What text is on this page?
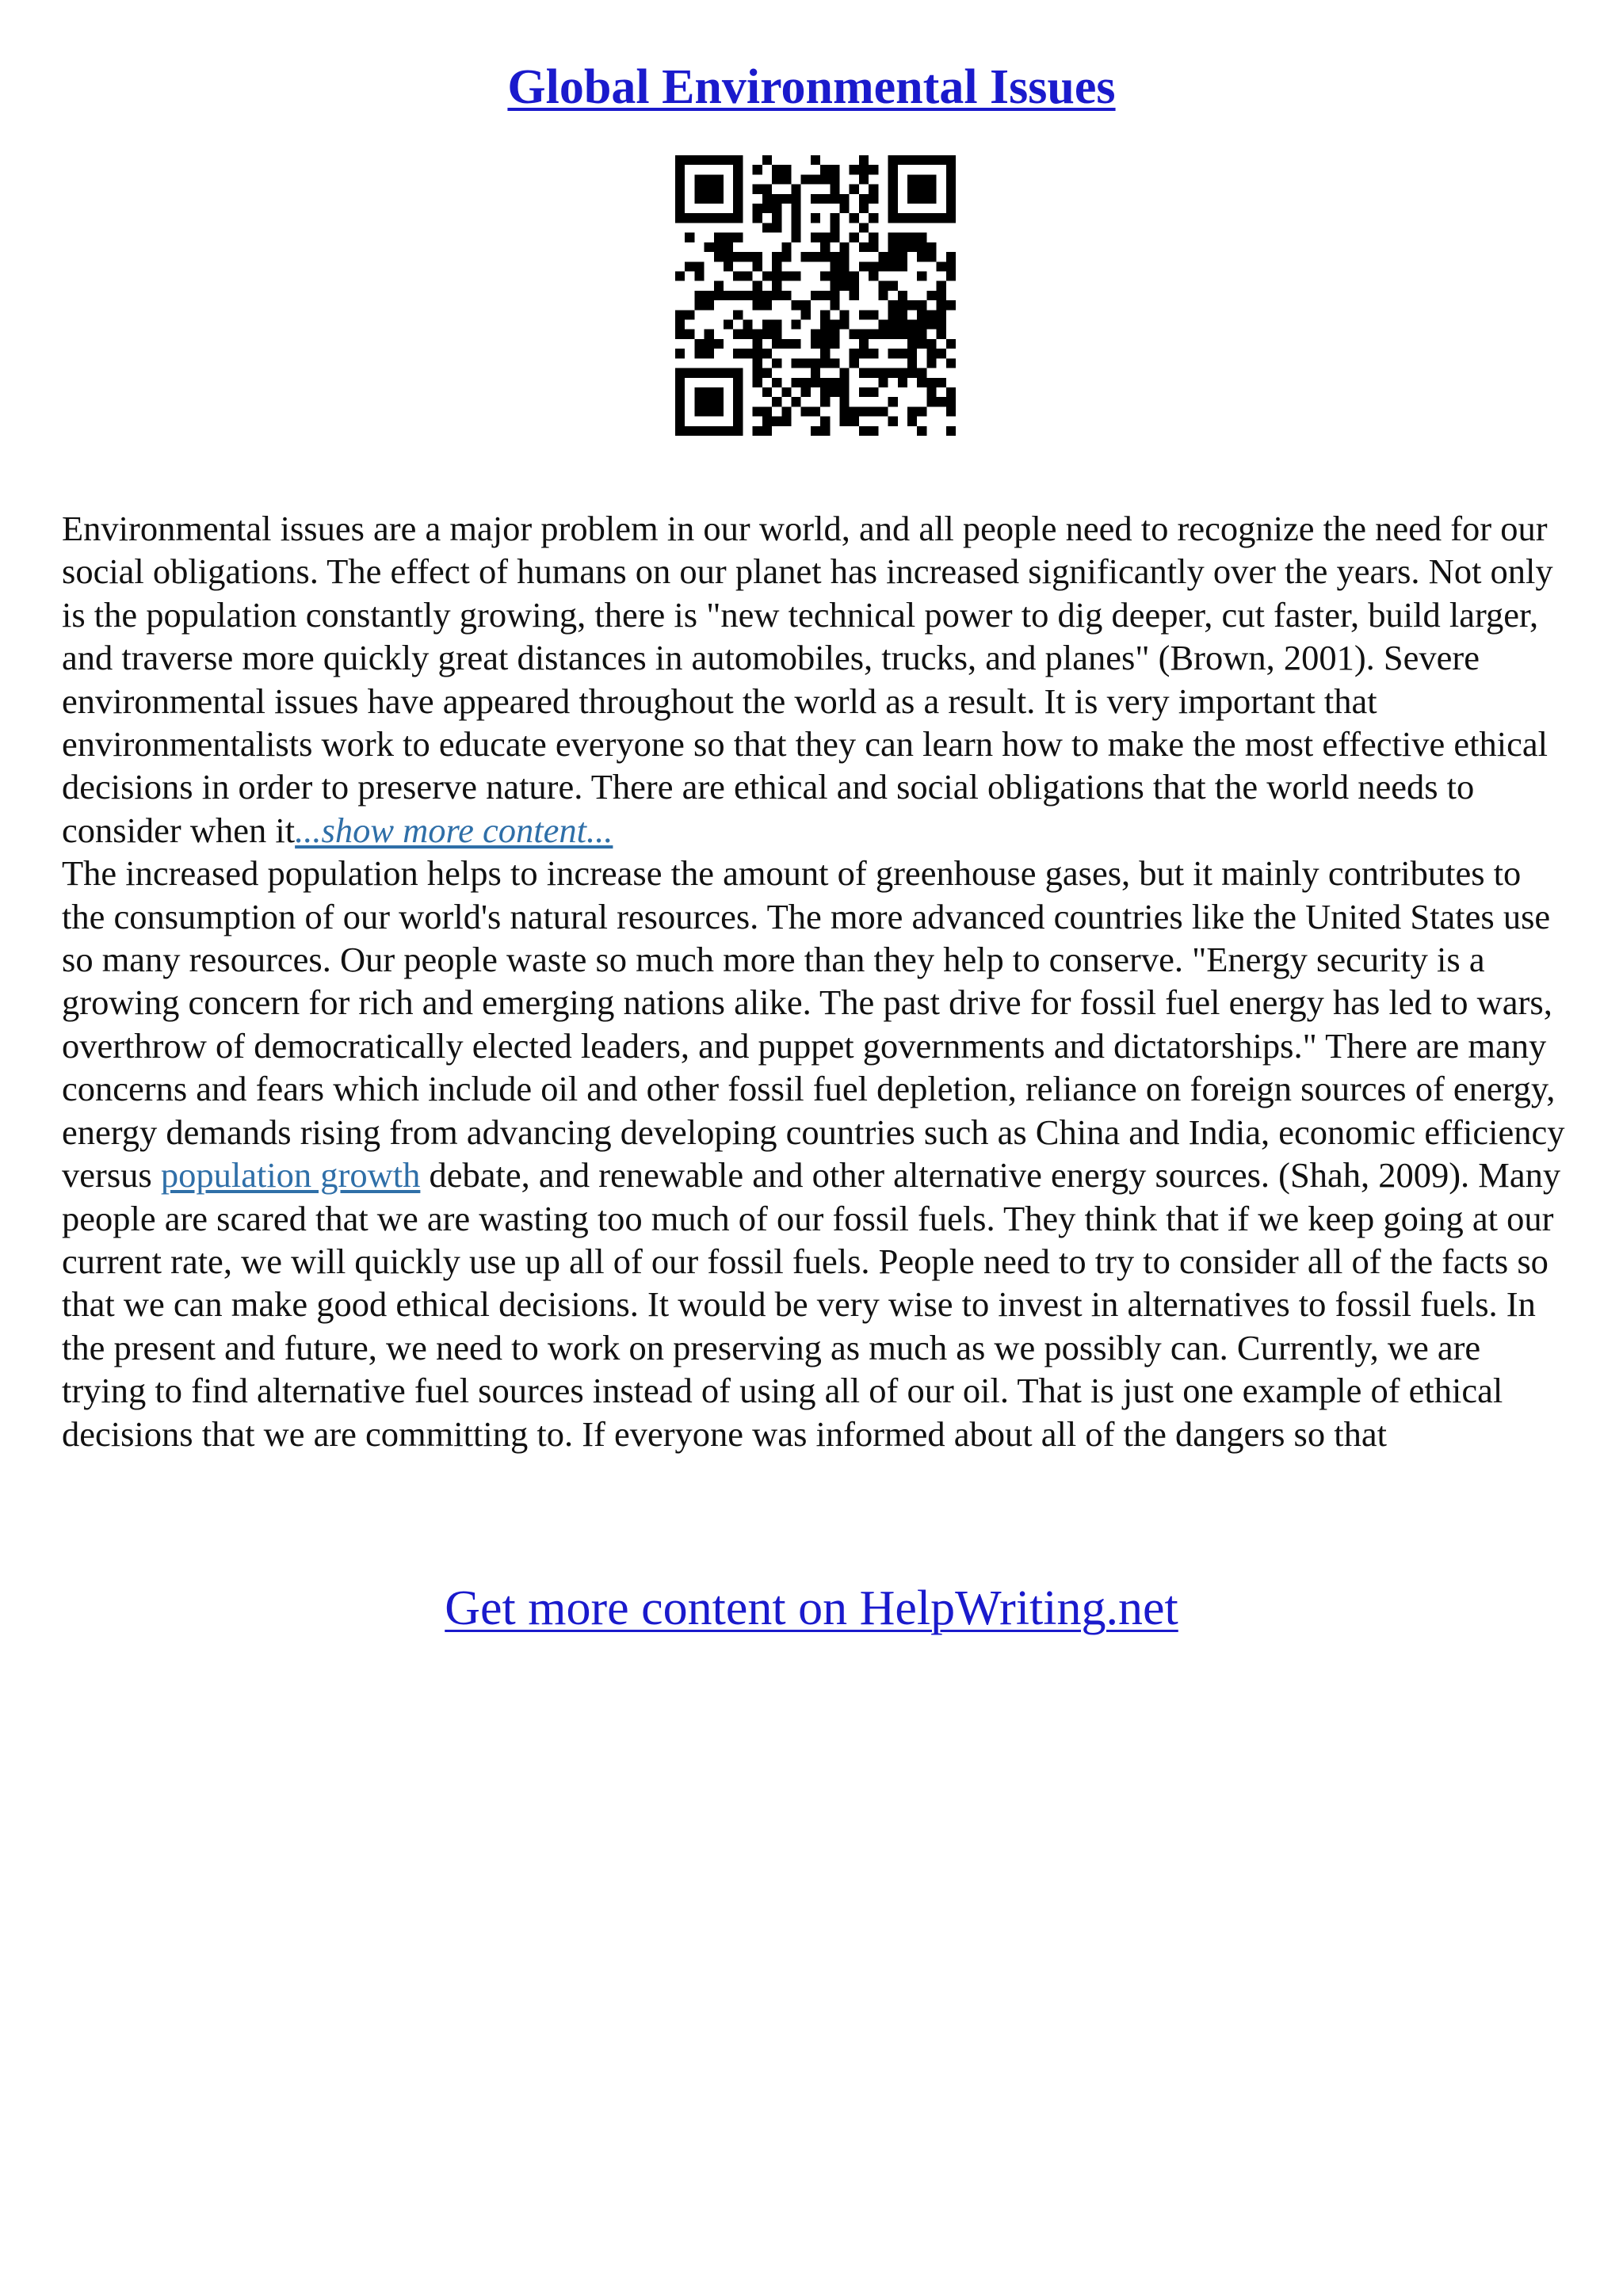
Global Environmental Issues

Environmental issues are a major problem in our world, and all people need to recognize the need for our social obligations. The effect of humans on our planet has increased significantly over the years. Not only is the population constantly growing, there is "new technical power to dig deeper, cut faster, build larger, and traverse more quickly great distances in automobiles, trucks, and planes" (Brown, 2001). Severe environmental issues have appeared throughout the world as a result. It is very important that environmentalists work to educate everyone so that they can learn how to make the most effective ethical decisions in order to preserve nature. There are ethical and social obligations that the world needs to consider when it...show more content...

The increased population helps to increase the amount of greenhouse gases, but it mainly contributes to the consumption of our world's natural resources. The more advanced countries like the United States use so many resources. Our people waste so much more than they help to conserve. "Energy security is a growing concern for rich and emerging nations alike. The past drive for fossil fuel energy has led to wars, overthrow of democratically elected leaders, and puppet governments and dictatorships." There are many concerns and fears which include oil and other fossil fuel depletion, reliance on foreign sources of energy, energy demands rising from advancing developing countries such as China and India, economic efficiency versus population growth debate, and renewable and other alternative energy sources. (Shah, 2009). Many people are scared that we are wasting too much of our fossil fuels. They think that if we keep going at our current rate, we will quickly use up all of our fossil fuels. People need to try to consider all of the facts so that we can make good ethical decisions. It would be very wise to invest in alternatives to fossil fuels. In the present and future, we need to work on preserving as much as we possibly can. Currently, we are trying to find alternative fuel sources instead of using all of our oil. That is just one example of ethical decisions that we are committing to. If everyone was informed about all of the dangers so that

Get more content on HelpWriting.net
